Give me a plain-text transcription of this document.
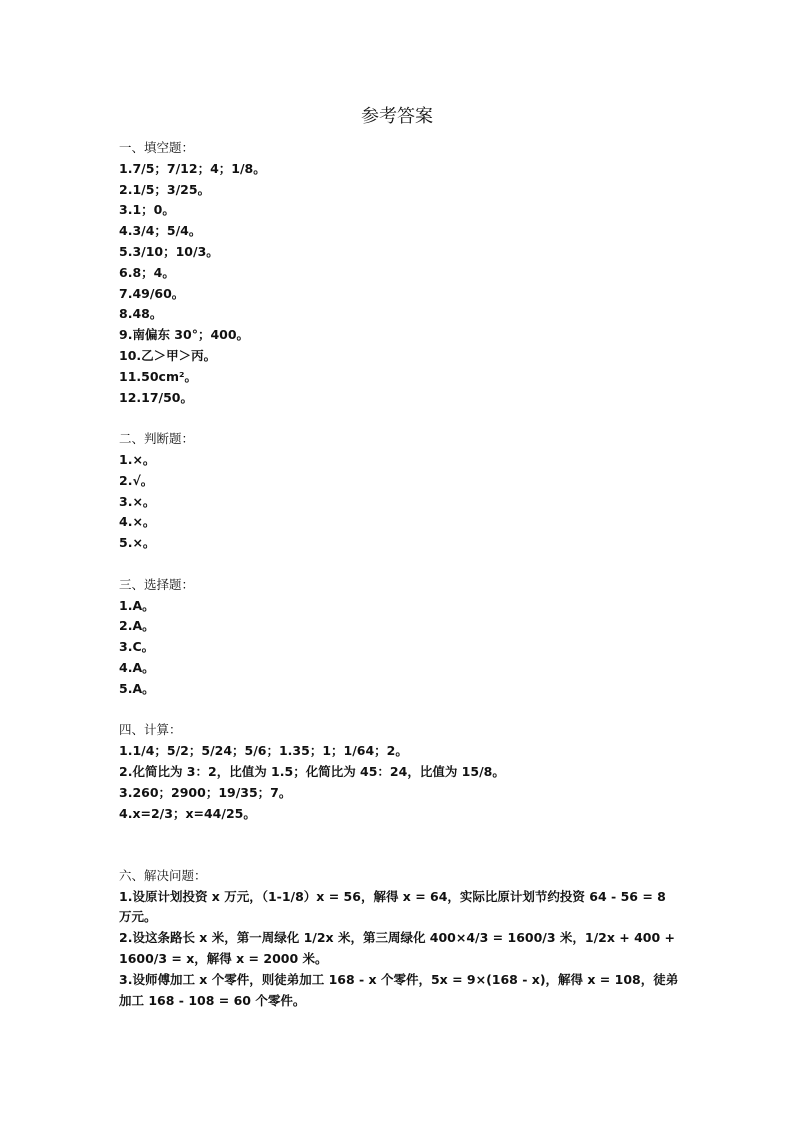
参考答案
一、填空题：
1.7/5；7/12；4；1/8。
2.1/5；3/25。
3.1；0。
4.3/4；5/4。
5.3/10；10/3。
6.8；4。
7.49/60。
8.48。
9.南偏东 30°；400。
10.乙＞甲＞丙。
11.50cm²。
12.17/50。
二、判断题：
1.×。
2.√。
3.×。
4.×。
5.×。
三、选择题：
1.A。
2.A。
3.C。
4.A。
5.A。
四、计算：
1.1/4；5/2；5/24；5/6；1.35；1；1/64；2。
2.化简比为 3：2，比值为 1.5；化简比为 45：24，比值为 15/8。
3.260；2900；19/35；7。
4.x=2/3；x=44/25。
六、解决问题：
1.设原计划投资 x 万元，（1-1/8）x = 56，解得 x = 64，实际比原计划节约投资 64 - 56 = 8 万元。
2.设这条路长 x 米，第一周绿化 1/2x 米，第三周绿化 400×4/3 = 1600/3 米，1/2x + 400 + 1600/3 = x，解得 x = 2000 米。
3.设师傅加工 x 个零件，则徒弟加工 168 - x 个零件，5x = 9×(168 - x)，解得 x = 108，徒弟加工 168 - 108 = 60 个零件。
